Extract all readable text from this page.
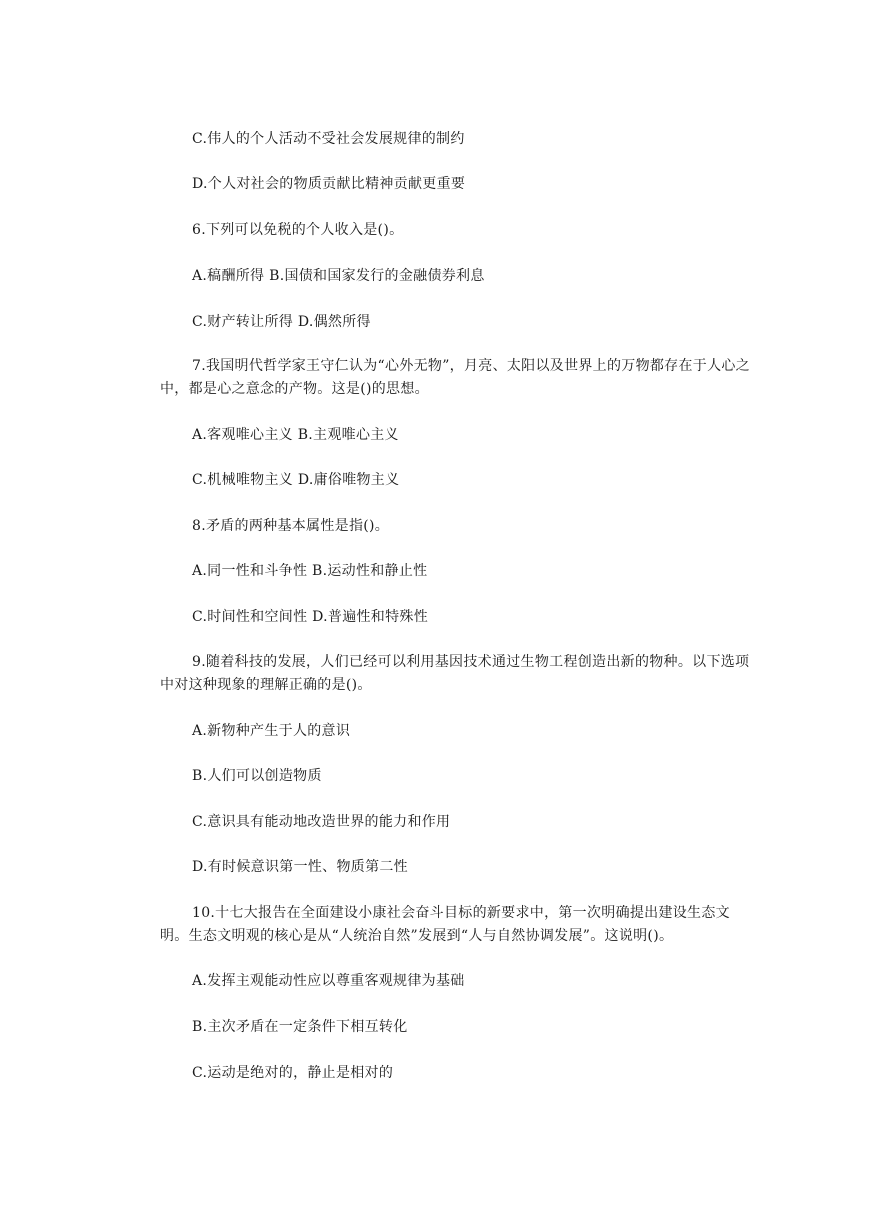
C.伟人的个人活动不受社会发展规律的制约
D.个人对社会的物质贡献比精神贡献更重要
6.下列可以免税的个人收入是()。
A.稿酬所得 B.国债和国家发行的金融债券利息
C.财产转让所得 D.偶然所得
7.我国明代哲学家王守仁认为“心外无物”，月亮、太阳以及世界上的万物都存在于人心之中，都是心之意念的产物。这是()的思想。
A.客观唯心主义 B.主观唯心主义
C.机械唯物主义 D.庸俗唯物主义
8.矛盾的两种基本属性是指()。
A.同一性和斗争性 B.运动性和静止性
C.时间性和空间性 D.普遍性和特殊性
9.随着科技的发展，人们已经可以利用基因技术通过生物工程创造出新的物种。以下选项中对这种现象的理解正确的是()。
A.新物种产生于人的意识
B.人们可以创造物质
C.意识具有能动地改造世界的能力和作用
D.有时候意识第一性、物质第二性
10.十七大报告在全面建设小康社会奋斗目标的新要求中，第一次明确提出建设生态文明。生态文明观的核心是从“人统治自然”发展到“人与自然协调发展”。这说明()。
A.发挥主观能动性应以尊重客观规律为基础
B.主次矛盾在一定条件下相互转化
C.运动是绝对的，静止是相对的
